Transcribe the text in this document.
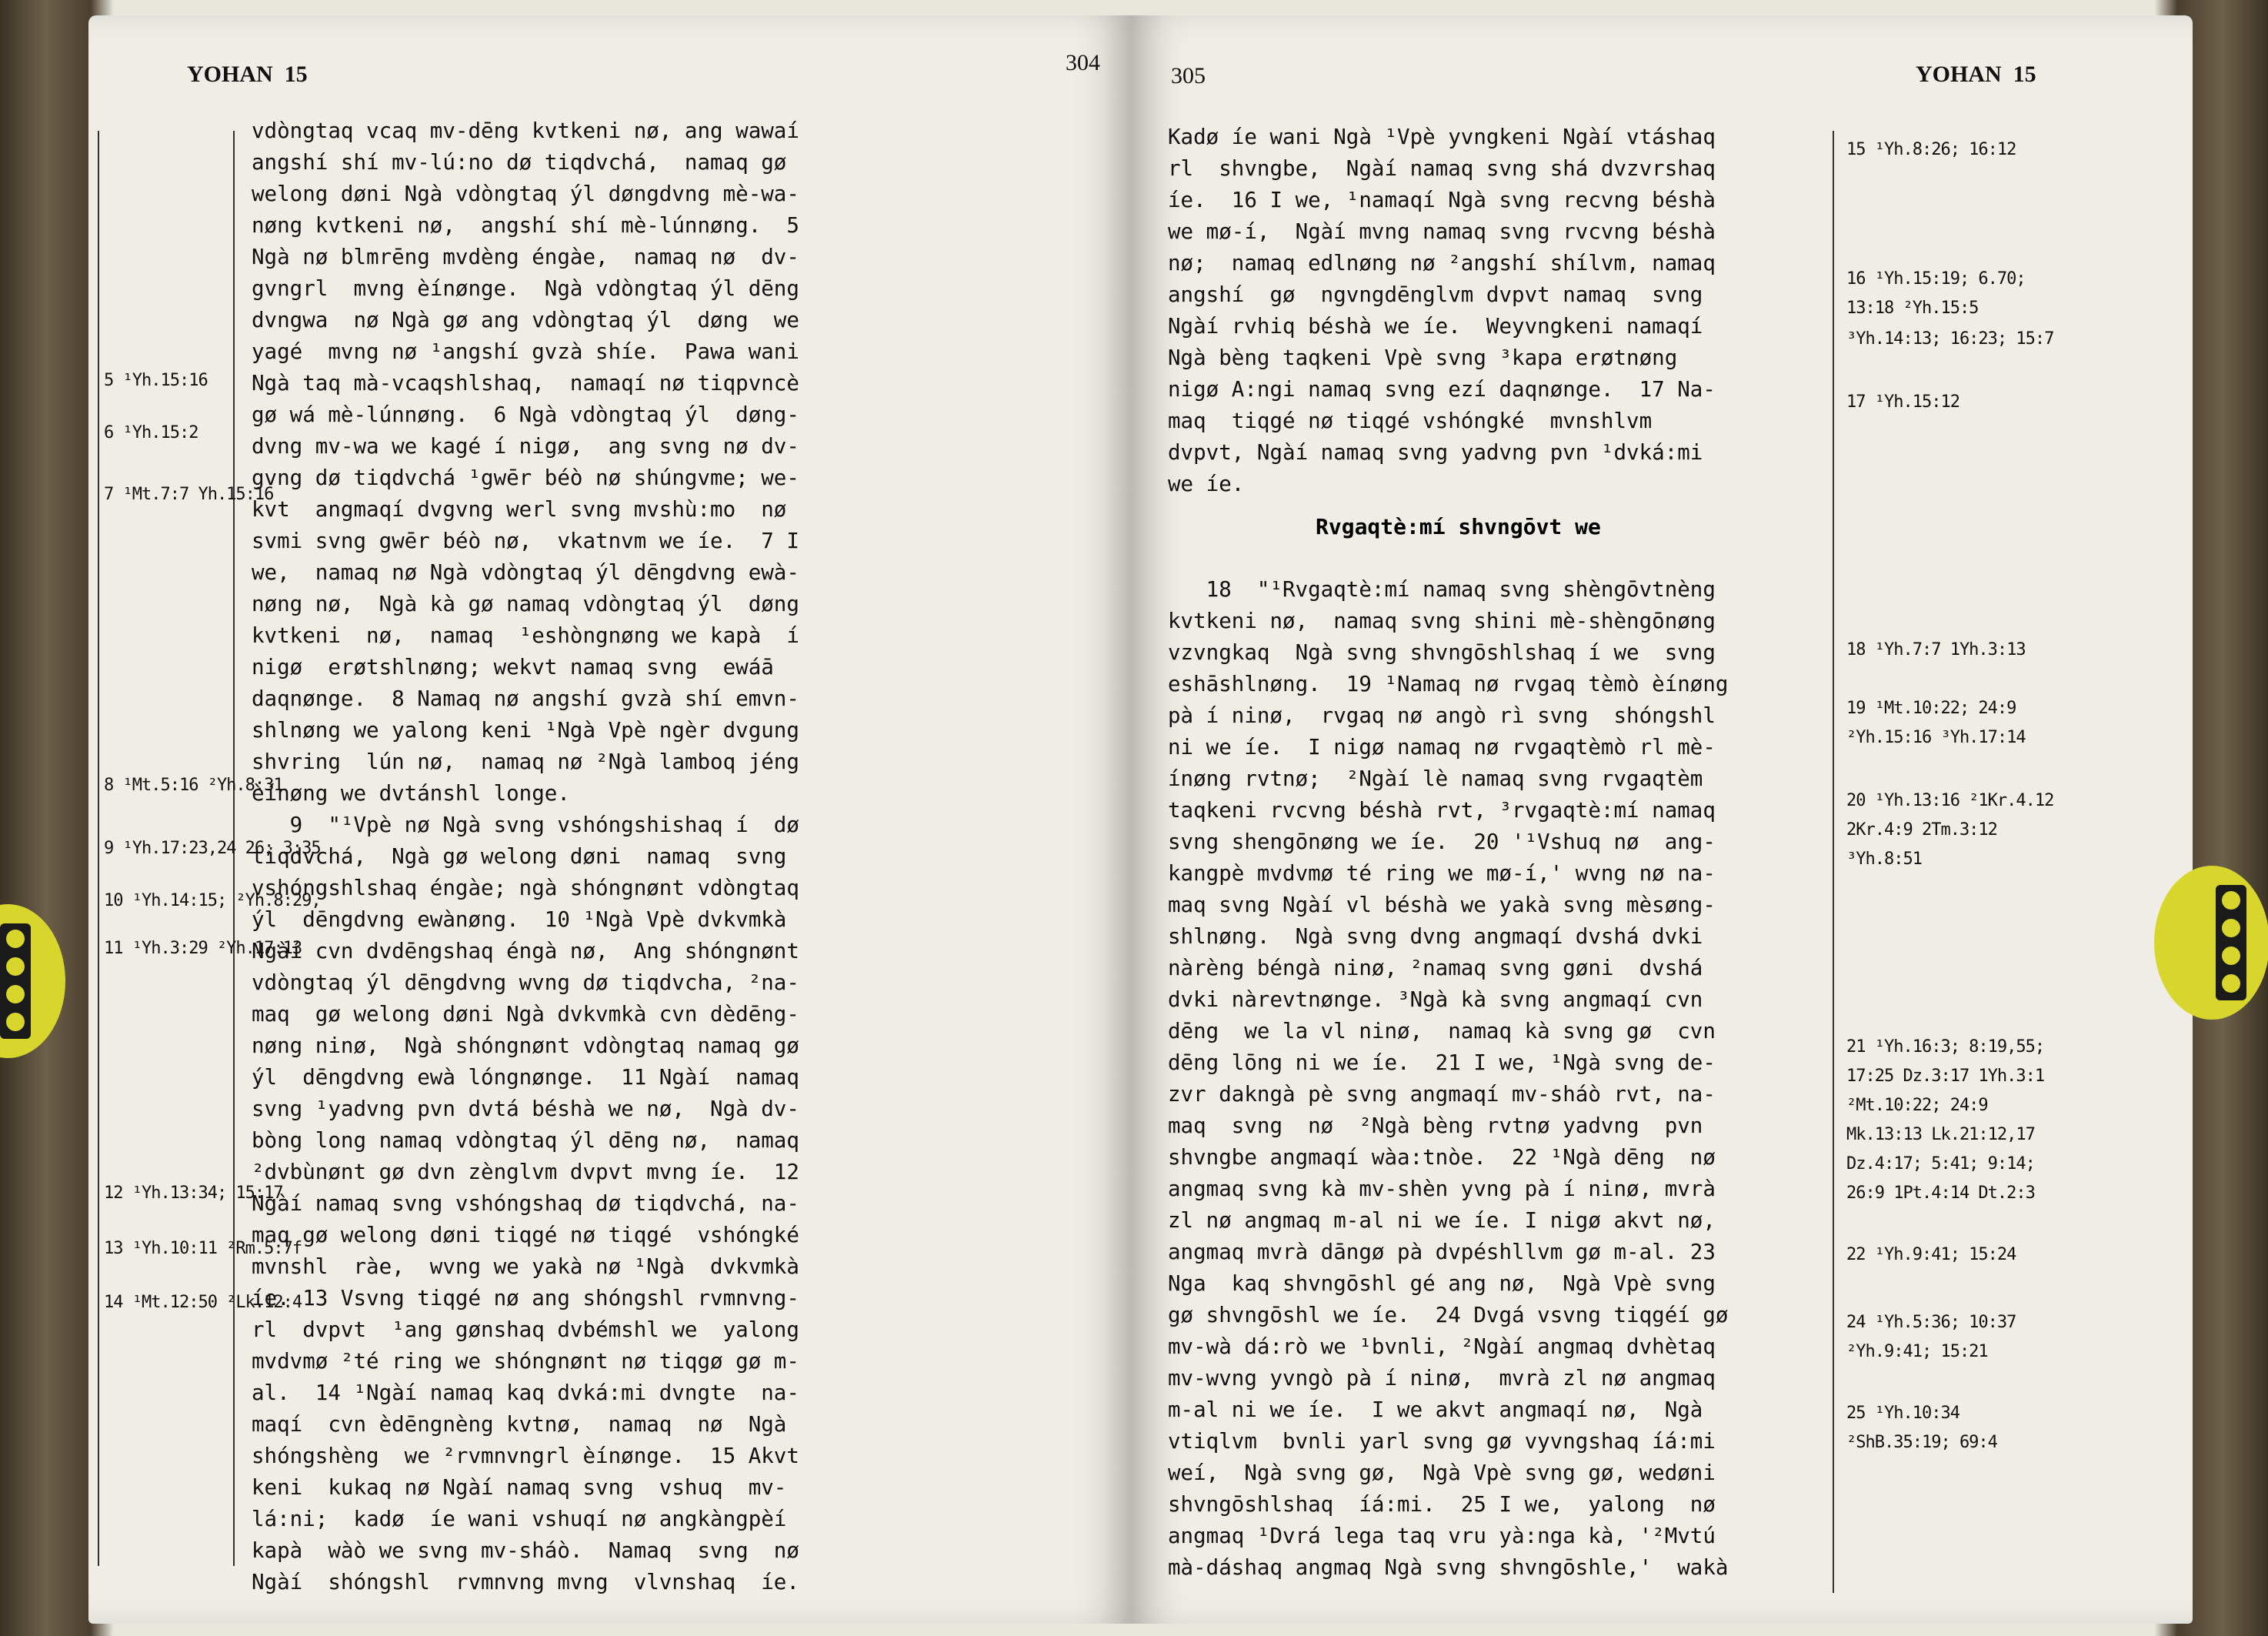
YOHAN 15	304
5 ¹Yh.15:16
6 ¹Yh.15:2
7 ¹Mt.7:7 Yh.15:16
8 ¹Mt.5:16 ²Yh.8:31
9 ¹Yh.17:23,24 26; 3:35
10 ¹Yh.14:15; ²Yh.8:29,
11 ¹Yh.3:29 ²Yh.17:13
12 ¹Yh.13:34; 15:17
13 ¹Yh.10:11 ²Rm.5:7f
14 ¹Mt.12:50 ²Lk.12:4

vdòngtaq vcaq mv-dēng kvtkeni nø, ang wawaí

angshí shí mv-lú:no dø tiqdvchá,  namaq gø

welong døni Ngà vdòngtaq ýl døngdvng mè-wa-

nøng kvtkeni nø,  angshí shí mè-lúnnøng.  5

Ngà nø blmrēng mvdèng éngàe,  namaq nø  dv-

gvngrl  mvng èínønge.  Ngà vdòngtaq ýl dēng

dvngwa  nø Ngà gø ang vdòngtaq ýl  døng  we

yagé  mvng nø ¹angshí gvzà shíe.  Pawa wani

Ngà taq mà-vcaqshlshaq,  namaqí nø tiqpvncè

gø wá mè-lúnnøng.  6 Ngà vdòngtaq ýl  døng-

dvng mv-wa we kagé í nigø,  ang svng nø dv-

gvng dø tiqdvchá ¹gwēr béò nø shúngvme; we-

kvt  angmaqí dvgvng werl svng mvshù:mo  nø

svmi svng gwēr béò nø,  vkatnvm we íe.  7 I

we,  namaq nø Ngà vdòngtaq ýl dēngdvng ewà-

nøng nø,  Ngà kà gø namaq vdòngtaq ýl  døng

kvtkeni  nø,  namaq  ¹eshòngnøng we kapà  í

nigø  erøtshlnøng; wekvt namaq svng  ewáā

daqnønge.  8 Namaq nø angshí gvzà shí emvn-

shlnøng we yalong keni ¹Ngà Vpè ngèr dvgung

shvring  lún nø,  namaq nø ²Ngà lamboq jéng

èínøng we dvtánshl longe.

9  "¹Vpè nø Ngà svng vshóngshishaq í  dø

tiqdvchá,  Ngà gø welong døni  namaq  svng

vshóngshlshaq éngàe; ngà shóngnønt vdòngtaq

ýl  dēngdvng ewànøng.  10 ¹Ngà Vpè dvkvmkà

Ngàí cvn dvdēngshaq éngà nø,  Ang shóngnønt

vdòngtaq ýl dēngdvng wvng dø tiqdvcha, ²na-

maq  gø welong døni Ngà dvkvmkà cvn dèdēng-

nøng ninø,  Ngà shóngnønt vdòngtaq namaq gø

ýl  dēngdvng ewà lóngnønge.  11 Ngàí  namaq

svng ¹yadvng pvn dvtá béshà we nø,  Ngà dv-

bòng long namaq vdòngtaq ýl dēng nø,  namaq

²dvbùnønt gø dvn zènglvm dvpvt mvng íe.  12

Ngàí namaq svng vshóngshaq dø tiqdvchá, na-

maq gø welong døni tiqgé nø tiqgé  vshóngké

mvnshl  ràe,  wvng we yakà nø ¹Ngà  dvkvmkà

íe. 13 Vsvng tiqgé nø ang shóngshl rvmnvng-

rl  dvpvt  ¹ang gønshaq dvbémshl we  yalong

mvdvmø ²té ring we shóngnønt nø tiqgø gø m-

al.  14 ¹Ngàí namaq kaq dvká:mi dvngte  na-

maqí  cvn èdēngnèng kvtnø,  namaq  nø  Ngà

shóngshèng  we ²rvmnvngrl èínønge.  15 Akvt

keni  kukaq nø Ngàí namaq svng  vshuq  mv-

lá:ni;  kadø  íe wani vshuqí nø angkàngpèí

kapà  wàò we svng mv-sháò.  Namaq  svng  nø

Ngàí  shóngshl  rvmnvng mvng  vlvnshaq  íe.

305	YOHAN 15

Kadø íe wani Ngà ¹Vpè yvngkeni Ngàí vtáshaq

rl  shvngbe,  Ngàí namaq svng shá dvzvrshaq

íe.  16 I we, ¹namaqí Ngà svng recvng béshà

we mø-í,  Ngàí mvng namaq svng rvcvng béshà

nø;  namaq edlnøng nø ²angshí shílvm, namaq

angshí  gø  ngvngdēnglvm dvpvt namaq  svng

Ngàí rvhiq béshà we íe.  Weyvngkeni namaqí

Ngà bèng taqkeni Vpè svng ³kapa erøtnøng

nigø A:ngi namaq svng ezí daqnønge.  17 Na-

maq  tiqgé nø tiqgé vshóngké  mvnshlvm

dvpvt, Ngàí namaq svng yadvng pvn ¹dvká:mi

we íe.

Rvgaqtè:mí shvngōvt we

18  "¹Rvgaqtè:mí namaq svng shèngōvtnèng

kvtkeni nø,  namaq svng shini mè-shèngōnøng

vzvngkaq  Ngà svng shvngōshlshaq í we  svng

eshāshlnøng.  19 ¹Namaq nø rvgaq tèmò èínøng

pà í ninø,  rvgaq nø angò rì svng  shóngshl

ni we íe.  I nigø namaq nø rvgaqtèmò rl mè-

ínøng rvtnø;  ²Ngàí lè namaq svng rvgaqtèm

taqkeni rvcvng béshà rvt, ³rvgaqtè:mí namaq

svng shengōnøng we íe.  20 '¹Vshuq nø  ang-

kangpè mvdvmø té ring we mø-í,' wvng nø na-

maq svng Ngàí vl béshà we yakà svng mèsøng-

shlnøng.  Ngà svng dvng angmaqí dvshá dvki

nàrèng béngà ninø, ²namaq svng gøni  dvshá

dvki nàrevtnønge. ³Ngà kà svng angmaqí cvn

dēng  we la vl ninø,  namaq kà svng gø  cvn

dēng lōng ni we íe.  21 I we, ¹Ngà svng de-

zvr dakngà pè svng angmaqí mv-sháò rvt, na-

maq  svng  nø  ²Ngà bèng rvtnø yadvng  pvn

shvngbe angmaqí wàa:tnòe.  22 ¹Ngà dēng  nø

angmaq svng kà mv-shèn yvng pà í ninø, mvrà

zl nø angmaq m-al ni we íe. I nigø akvt nø,

angmaq mvrà dāngø pà dvpéshllvm gø m-al. 23

Nga  kaq shvngōshl gé ang nø,  Ngà Vpè svng

gø shvngōshl we íe.  24 Dvgá vsvng tiqgéí gø

mv-wà dá:rò we ¹bvnli, ²Ngàí angmaq dvhètaq

mv-wvng yvngò pà í ninø,  mvrà zl nø angmaq

m-al ni we íe.  I we akvt angmaqí nø,  Ngà

vtiqlvm  bvnli yarl svng gø vyvngshaq íá:mi

weí,  Ngà svng gø,  Ngà Vpè svng gø, wedøni

shvngōshlshaq  íá:mi.  25 I we,  yalong  nø

angmaq ¹Dvrá lega taq vru yà:nga kà, '²Mvtú

mà-dáshaq angmaq Ngà svng shvngōshle,'  wakà

15 ¹Yh.8:26; 16:12
16 ¹Yh.15:19; 6.70;
13:18 ²Yh.15:5
³Yh.14:13; 16:23; 15:7
17 ¹Yh.15:12
18 ¹Yh.7:7 1Yh.3:13
19 ¹Mt.10:22; 24:9
²Yh.15:16 ³Yh.17:14
20 ¹Yh.13:16 ²1Kr.4.12
2Kr.4:9 2Tm.3:12
³Yh.8:51
21 ¹Yh.16:3; 8:19,55;
17:25 Dz.3:17 1Yh.3:1
²Mt.10:22; 24:9
Mk.13:13 Lk.21:12,17
Dz.4:17; 5:41; 9:14;
26:9 1Pt.4:14 Dt.2:3
22 ¹Yh.9:41; 15:24
24 ¹Yh.5:36; 10:37
²Yh.9:41; 15:21
25 ¹Yh.10:34
²ShB.35:19; 69:4
